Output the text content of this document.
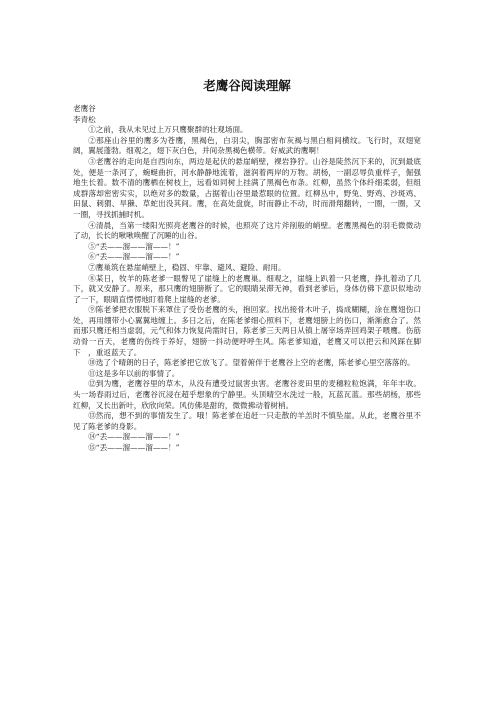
老鹰谷阅读理解

老鹰谷

李青松

①之前，我从未见过上万只鹰聚群的壮观场面。

②那座山谷里的鹰多为苍鹰，黑褐色，白羽尖，胸部密布灰褐与黑白相间横纹。飞行时，双翅宽阔，翼展蓬勃。细观之，翅下灰白色，并间杂黑褐色横带。好威武的鹰啊！

③老鹰谷的走向是自西向东，两边是起伏的悬崖峭壁，裸岩狰狞。山谷是陡然沉下来的，沉到最底处，便是一条河了，蜿蜒曲折，河水静静地流着，滋润着两岸的万物。胡杨，一副忍辱负重样子，倔强地生长着。数不清的鹰栖在树枝上，远看如同树上挂满了黑褐色布条。红柳，虽然个体纤细柔弱，但组成群落却密密实实，以绝对多的数量，占据着山谷里最惹眼的位置。红柳丛中，野兔、野鸡、沙斑鸡、田鼠、刺猬、旱獭、草蛇出没其间。鹰，在高处盘旋，时而静止不动，时而滑翔翻转，一圈，一圈，又一圈，寻找抓捕时机。

④清晨，当第一缕阳光照亮老鹰谷的时候，也照亮了这片斧削般的峭壁。老鹰黑褐色的羽毛微微动了动，长长的啾啾唤醒了沉睡的山谷。

⑤“丢——溜——溜——！”

⑥“丢——溜——溜——！”

⑦鹰巢筑在悬崖峭壁上，稳固、牢靠、避风、避险、耐用。

⑧某日，牧羊的陈老爹一眼瞥见了崖缝上的老鹰巢。细观之，崖缝上趴着一只老鹰，挣扎着动了几下，就又安静了。原来，那只鹰的翅膀断了。它的眼睛呆滞无神，看到老爹后，身体仿佛下意识似地动了一下，眼睛直愣愣地盯着爬上崖缝的老爹。

⑨陈老爹把衣服脱下来罩住了受伤老鹰的头，抱回家。找出接骨木叶子，捣成糊糊，涂在鹰翅伤口处，再用绷带小心翼翼地缠上。多日之后，在陈老爹细心照料下，老鹰翅膀上的伤口，渐渐愈合了。然而那只鹰还相当虚弱，元气和体力恢复尚需时日，陈老爹三天两日从镇上屠宰场弄回鸡架子喂鹰。伤筋动骨一百天，老鹰的伤终于养好，翅膀一抖动便呼呼生风。陈老爹知道，老鹰又可以把云和风踩在脚下　，重返蓝天了。

⑩选了个晴朗的日子，陈老爹把它放飞了。望着俯伴于老鹰谷上空的老鹰，陈老爹心里空落落的。

⑪这是多年以前的事情了。

⑫到为鹰，老鹰谷里的草木，从没有遭受过鼠害虫害。老鹰谷麦田里的麦穗粒粒饱满，年年丰收。头一场春雨过后，老鹰谷沉浸在超乎想象的宁静里。头顶晴空水洗过一般，瓦蓝瓦蓝。那些胡杨，那些红柳，又长出新叶，欣欣向荣。风仿佛是甜的，微微拂动着树梢。

⑬然而，想不到的事情发生了。哦！陈老爹在追赶一只走散的羊羔时不慎坠崖。从此，老鹰谷里不见了陈老爹的身影。

⑭“丢——溜——溜——！”

⑮“丢——溜——溜——！”
